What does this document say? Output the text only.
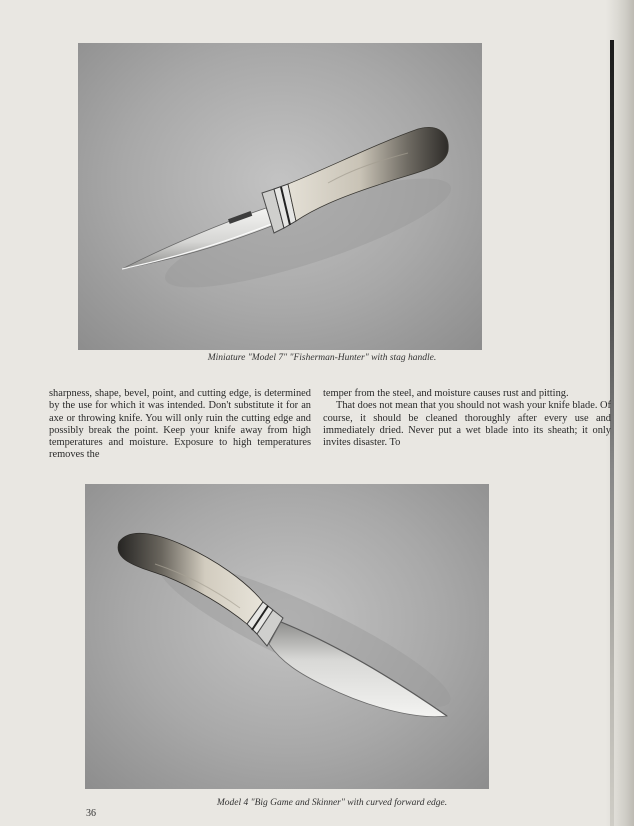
Miniature "Model 7" "Fisherman-Hunter" with stag handle.

sharpness, shape, bevel, point, and cutting edge, is determined by the use for which it was intended. Don't substitute it for an axe or throwing knife. You will only ruin the cutting edge and possibly break the point. Keep your knife away from high temperatures and moisture. Exposure to high temperatures removes the

temper from the steel, and moisture causes rust and pitting.

That does not mean that you should not wash your knife blade. Of course, it should be cleaned thoroughly after every use and immediately dried. Never put a wet blade into its sheath; it only invites disaster. To

Model 4 "Big Game and Skinner" with curved forward edge.
36
